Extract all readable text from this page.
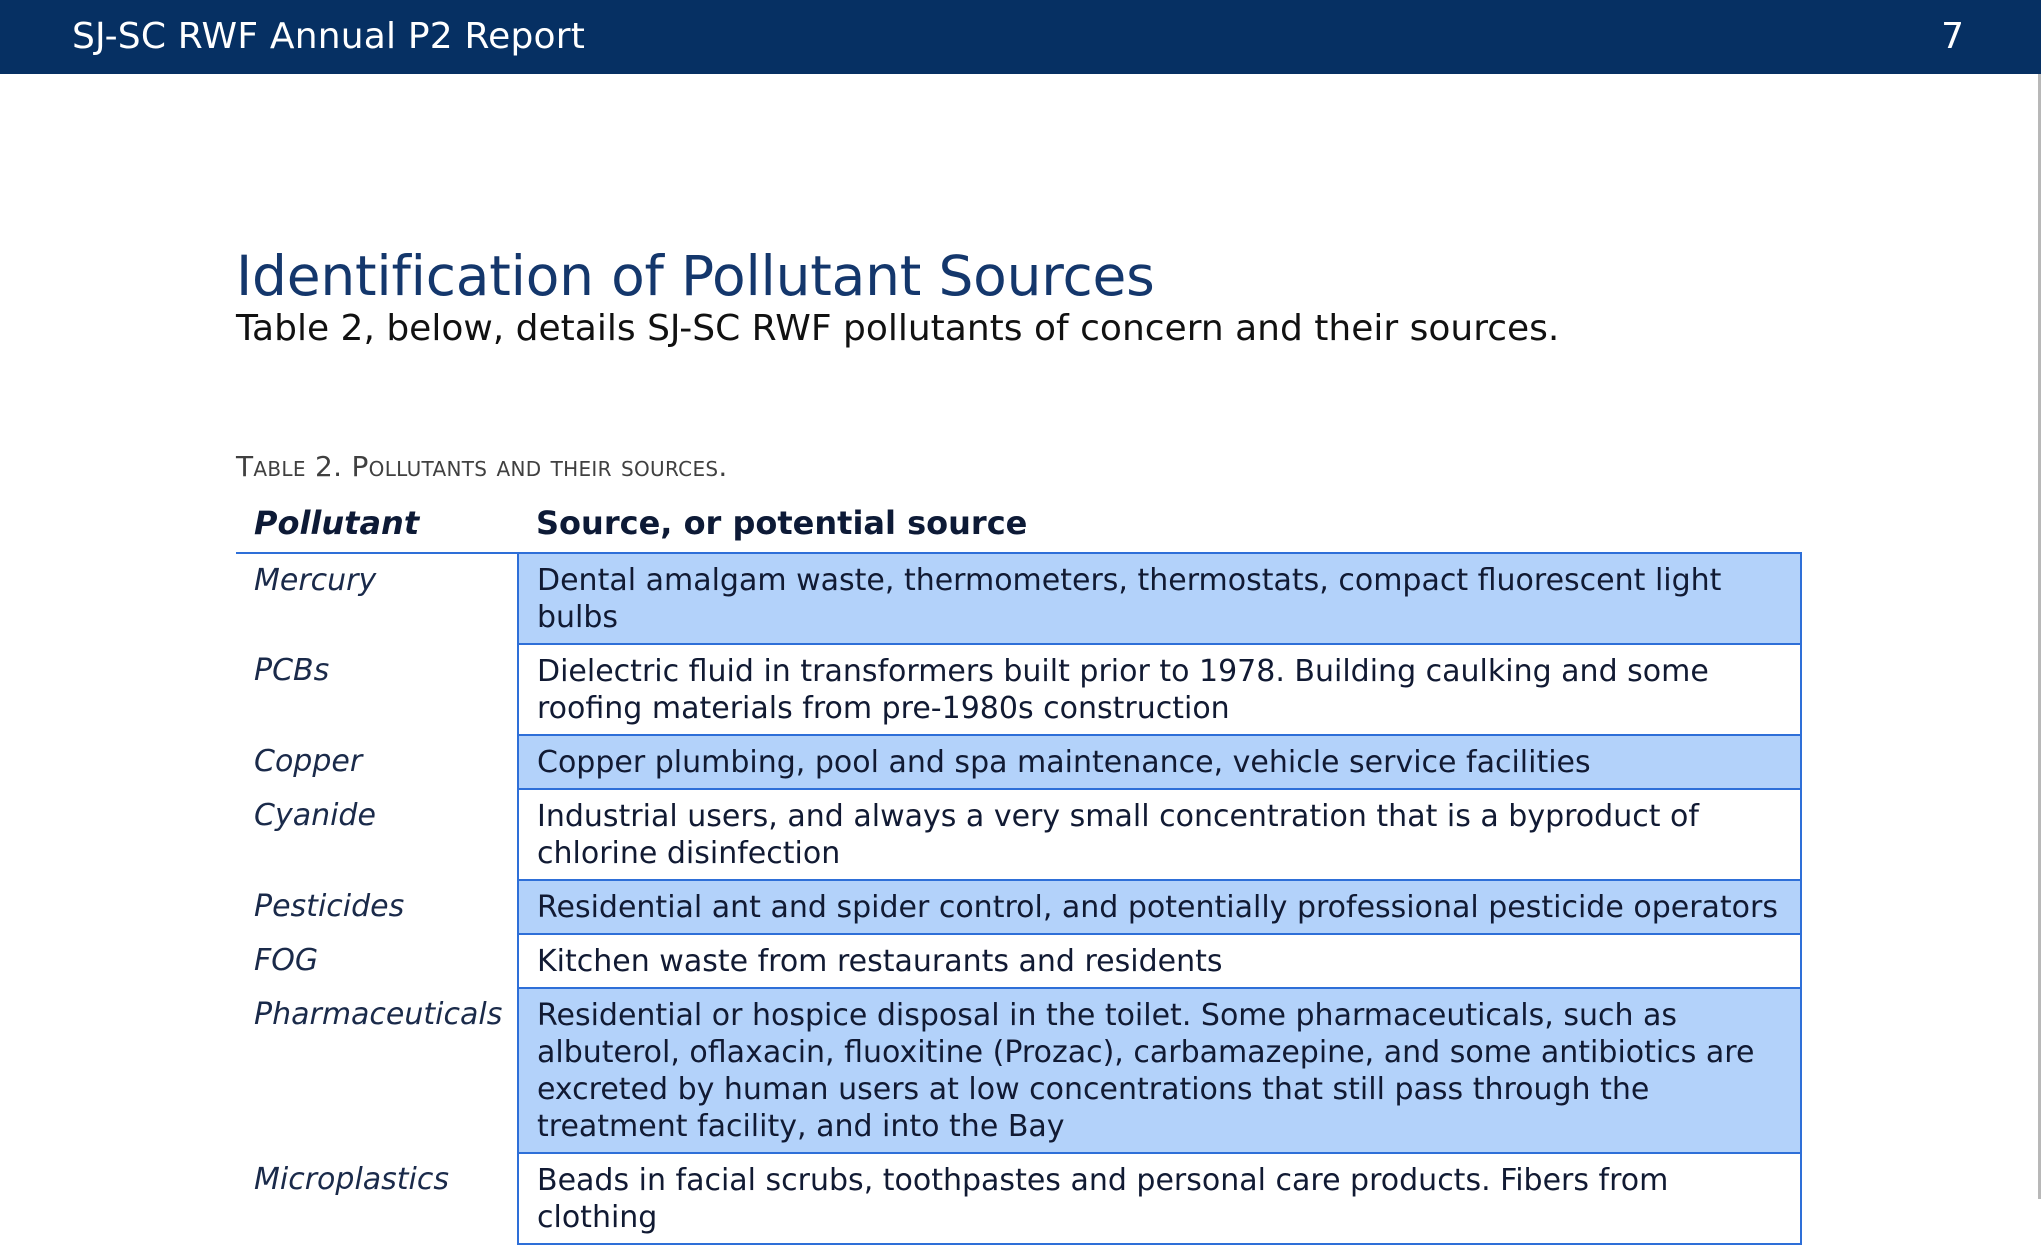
SJ-SC RWF Annual P2 Report	7
Identification of Pollutant Sources

Table 2, below, details SJ-SC RWF pollutants of concern and their sources.

Table 2. Pollutants and their sources.
Pollutant	Source, or potential source
Mercury	Dental amalgam waste, thermometers, thermostats, compact fluorescent light bulbs
PCBs	Dielectric fluid in transformers built prior to 1978. Building caulking and some roofing materials from pre-1980s construction
Copper	Copper plumbing, pool and spa maintenance, vehicle service facilities
Cyanide	Industrial users, and always a very small concentration that is a byproduct of chlorine disinfection
Pesticides	Residential ant and spider control, and potentially professional pesticide operators
FOG	Kitchen waste from restaurants and residents
Pharmaceuticals	Residential or hospice disposal in the toilet. Some pharmaceuticals, such as albuterol, oflaxacin, fluoxitine (Prozac), carbamazepine, and some antibiotics are excreted by human users at low concentrations that still pass through the treatment facility, and into the Bay
Microplastics	Beads in facial scrubs, toothpastes and personal care products. Fibers from clothing
